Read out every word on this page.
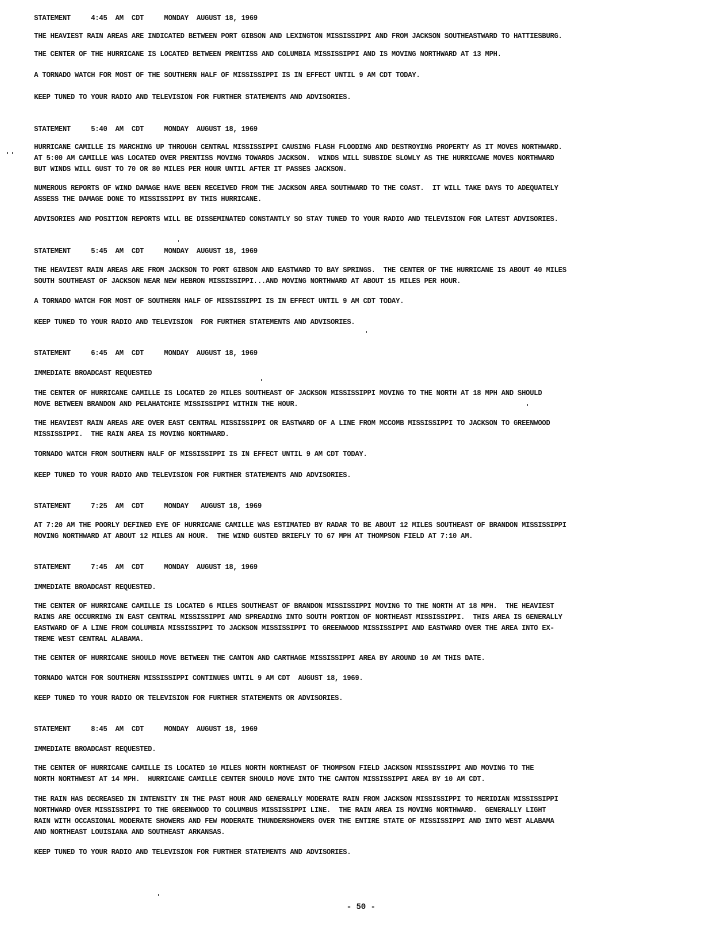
STATEMENT     4:45  AM  CDT     MONDAY  AUGUST 18, 1969
THE HEAVIEST RAIN AREAS ARE INDICATED BETWEEN PORT GIBSON AND LEXINGTON MISSISSIPPI AND FROM JACKSON SOUTHEASTWARD TO HATTIESBURG.
THE CENTER OF THE HURRICANE IS LOCATED BETWEEN PRENTISS AND COLUMBIA MISSISSIPPI AND IS MOVING NORTHWARD AT 13 MPH.
A TORNADO WATCH FOR MOST OF THE SOUTHERN HALF OF MISSISSIPPI IS IN EFFECT UNTIL 9 AM CDT TODAY.
KEEP TUNED TO YOUR RADIO AND TELEVISION FOR FURTHER STATEMENTS AND ADVISORIES.
STATEMENT     5:40  AM  CDT     MONDAY  AUGUST 18, 1969
HURRICANE CAMILLE IS MARCHING UP THROUGH CENTRAL MISSISSIPPI CAUSING FLASH FLOODING AND DESTROYING PROPERTY AS IT MOVES NORTHWARD.
AT 5:00 AM CAMILLE WAS LOCATED OVER PRENTISS MOVING TOWARDS JACKSON.  WINDS WILL SUBSIDE SLOWLY AS THE HURRICANE MOVES NORTHWARD
BUT WINDS WILL GUST TO 70 OR 80 MILES PER HOUR UNTIL AFTER IT PASSES JACKSON.
NUMEROUS REPORTS OF WIND DAMAGE HAVE BEEN RECEIVED FROM THE JACKSON AREA SOUTHWARD TO THE COAST.  IT WILL TAKE DAYS TO ADEQUATELY
ASSESS THE DAMAGE DONE TO MISSISSIPPI BY THIS HURRICANE.
ADVISORIES AND POSITION REPORTS WILL BE DISSEMINATED CONSTANTLY SO STAY TUNED TO YOUR RADIO AND TELEVISION FOR LATEST ADVISORIES.
STATEMENT     5:45  AM  CDT     MONDAY  AUGUST 18, 1969
THE HEAVIEST RAIN AREAS ARE FROM JACKSON TO PORT GIBSON AND EASTWARD TO BAY SPRINGS.  THE CENTER OF THE HURRICANE IS ABOUT 40 MILES
SOUTH SOUTHEAST OF JACKSON NEAR NEW HEBRON MISSISSIPPI...AND MOVING NORTHWARD AT ABOUT 15 MILES PER HOUR.
A TORNADO WATCH FOR MOST OF SOUTHERN HALF OF MISSISSIPPI IS IN EFFECT UNTIL 9 AM CDT TODAY.
KEEP TUNED TO YOUR RADIO AND TELEVISION  FOR FURTHER STATEMENTS AND ADVISORIES.
STATEMENT     6:45  AM  CDT     MONDAY  AUGUST 18, 1969
IMMEDIATE BROADCAST REQUESTED
THE CENTER OF HURRICANE CAMILLE IS LOCATED 20 MILES SOUTHEAST OF JACKSON MISSISSIPPI MOVING TO THE NORTH AT 18 MPH AND SHOULD
MOVE BETWEEN BRANDON AND PELAHATCHIE MISSISSIPPI WITHIN THE HOUR.
THE HEAVIEST RAIN AREAS ARE OVER EAST CENTRAL MISSISSIPPI OR EASTWARD OF A LINE FROM MCCOMB MISSISSIPPI TO JACKSON TO GREENWOOD
MISSISSIPPI.  THE RAIN AREA IS MOVING NORTHWARD.
TORNADO WATCH FROM SOUTHERN HALF OF MISSISSIPPI IS IN EFFECT UNTIL 9 AM CDT TODAY.
KEEP TUNED TO YOUR RADIO AND TELEVISION FOR FURTHER STATEMENTS AND ADVISORIES.
STATEMENT     7:25  AM  CDT     MONDAY   AUGUST 18, 1969
AT 7:20 AM THE POORLY DEFINED EYE OF HURRICANE CAMILLE WAS ESTIMATED BY RADAR TO BE ABOUT 12 MILES SOUTHEAST OF BRANDON MISSISSIPPI
MOVING NORTHWARD AT ABOUT 12 MILES AN HOUR.  THE WIND GUSTED BRIEFLY TO 67 MPH AT THOMPSON FIELD AT 7:10 AM.
STATEMENT     7:45  AM  CDT     MONDAY  AUGUST 18, 1969
IMMEDIATE BROADCAST REQUESTED.
THE CENTER OF HURRICANE CAMILLE IS LOCATED 6 MILES SOUTHEAST OF BRANDON MISSISSIPPI MOVING TO THE NORTH AT 18 MPH.  THE HEAVIEST
RAINS ARE OCCURRING IN EAST CENTRAL MISSISSIPPI AND SPREADING INTO SOUTH PORTION OF NORTHEAST MISSISSIPPI.  THIS AREA IS GENERALLY
EASTWARD OF A LINE FROM COLUMBIA MISSISSIPPI TO JACKSON MISSISSIPPI TO GREENWOOD MISSISSIPPI AND EASTWARD OVER THE AREA INTO EX-
TREME WEST CENTRAL ALABAMA.
THE CENTER OF HURRICANE SHOULD MOVE BETWEEN THE CANTON AND CARTHAGE MISSISSIPPI AREA BY AROUND 10 AM THIS DATE.
TORNADO WATCH FOR SOUTHERN MISSISSIPPI CONTINUES UNTIL 9 AM CDT  AUGUST 18, 1969.
KEEP TUNED TO YOUR RADIO OR TELEVISION FOR FURTHER STATEMENTS OR ADVISORIES.
STATEMENT     8:45  AM  CDT     MONDAY  AUGUST 18, 1969
IMMEDIATE BROADCAST REQUESTED.
THE CENTER OF HURRICANE CAMILLE IS LOCATED 10 MILES NORTH NORTHEAST OF THOMPSON FIELD JACKSON MISSISSIPPI AND MOVING TO THE
NORTH NORTHWEST AT 14 MPH.  HURRICANE CAMILLE CENTER SHOULD MOVE INTO THE CANTON MISSISSIPPI AREA BY 10 AM CDT.
THE RAIN HAS DECREASED IN INTENSITY IN THE PAST HOUR AND GENERALLY MODERATE RAIN FROM JACKSON MISSISSIPPI TO MERIDIAN MISSISSIPPI
NORTHWARD OVER MISSISSIPPI TO THE GREENWOOD TO COLUMBUS MISSISSIPPI LINE.  THE RAIN AREA IS MOVING NORTHWARD.  GENERALLY LIGHT
RAIN WITH OCCASIONAL MODERATE SHOWERS AND FEW MODERATE THUNDERSHOWERS OVER THE ENTIRE STATE OF MISSISSIPPI AND INTO WEST ALABAMA
AND NORTHEAST LOUISIANA AND SOUTHEAST ARKANSAS.
KEEP TUNED TO YOUR RADIO AND TELEVISION FOR FURTHER STATEMENTS AND ADVISORIES.
- 50 -
